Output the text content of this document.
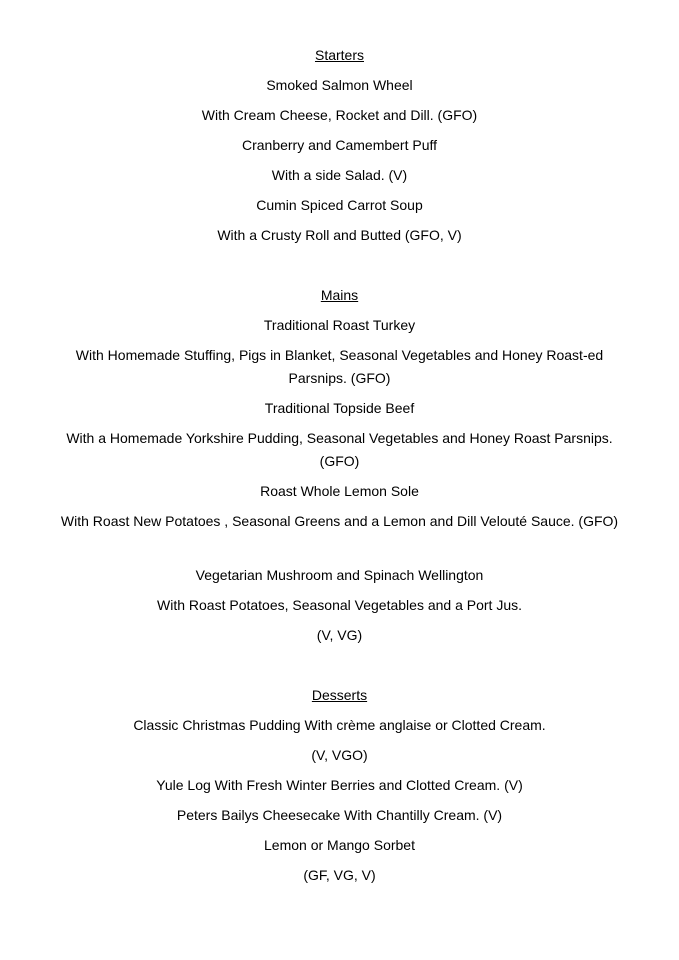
Starters
Smoked Salmon Wheel
With Cream Cheese, Rocket and Dill. (GFO)
Cranberry and Camembert Puff
With a side Salad. (V)
Cumin Spiced Carrot Soup
With a Crusty Roll and Butted (GFO, V)
Mains
Traditional Roast Turkey
With Homemade Stuffing, Pigs in Blanket, Seasonal Vegetables and Honey Roast-ed Parsnips. (GFO)
Traditional Topside Beef
With a Homemade Yorkshire Pudding, Seasonal Vegetables and Honey Roast Parsnips. (GFO)
Roast Whole Lemon Sole
With Roast New Potatoes , Seasonal Greens and a Lemon and Dill Velouté Sauce. (GFO)
Vegetarian Mushroom and Spinach Wellington
With Roast Potatoes, Seasonal Vegetables and a Port Jus.
(V, VG)
Desserts
Classic Christmas Pudding With crème anglaise or Clotted Cream.
(V, VGO)
Yule Log With Fresh Winter Berries and Clotted Cream. (V)
Peters Bailys Cheesecake With Chantilly Cream. (V)
Lemon or Mango Sorbet
(GF, VG, V)
